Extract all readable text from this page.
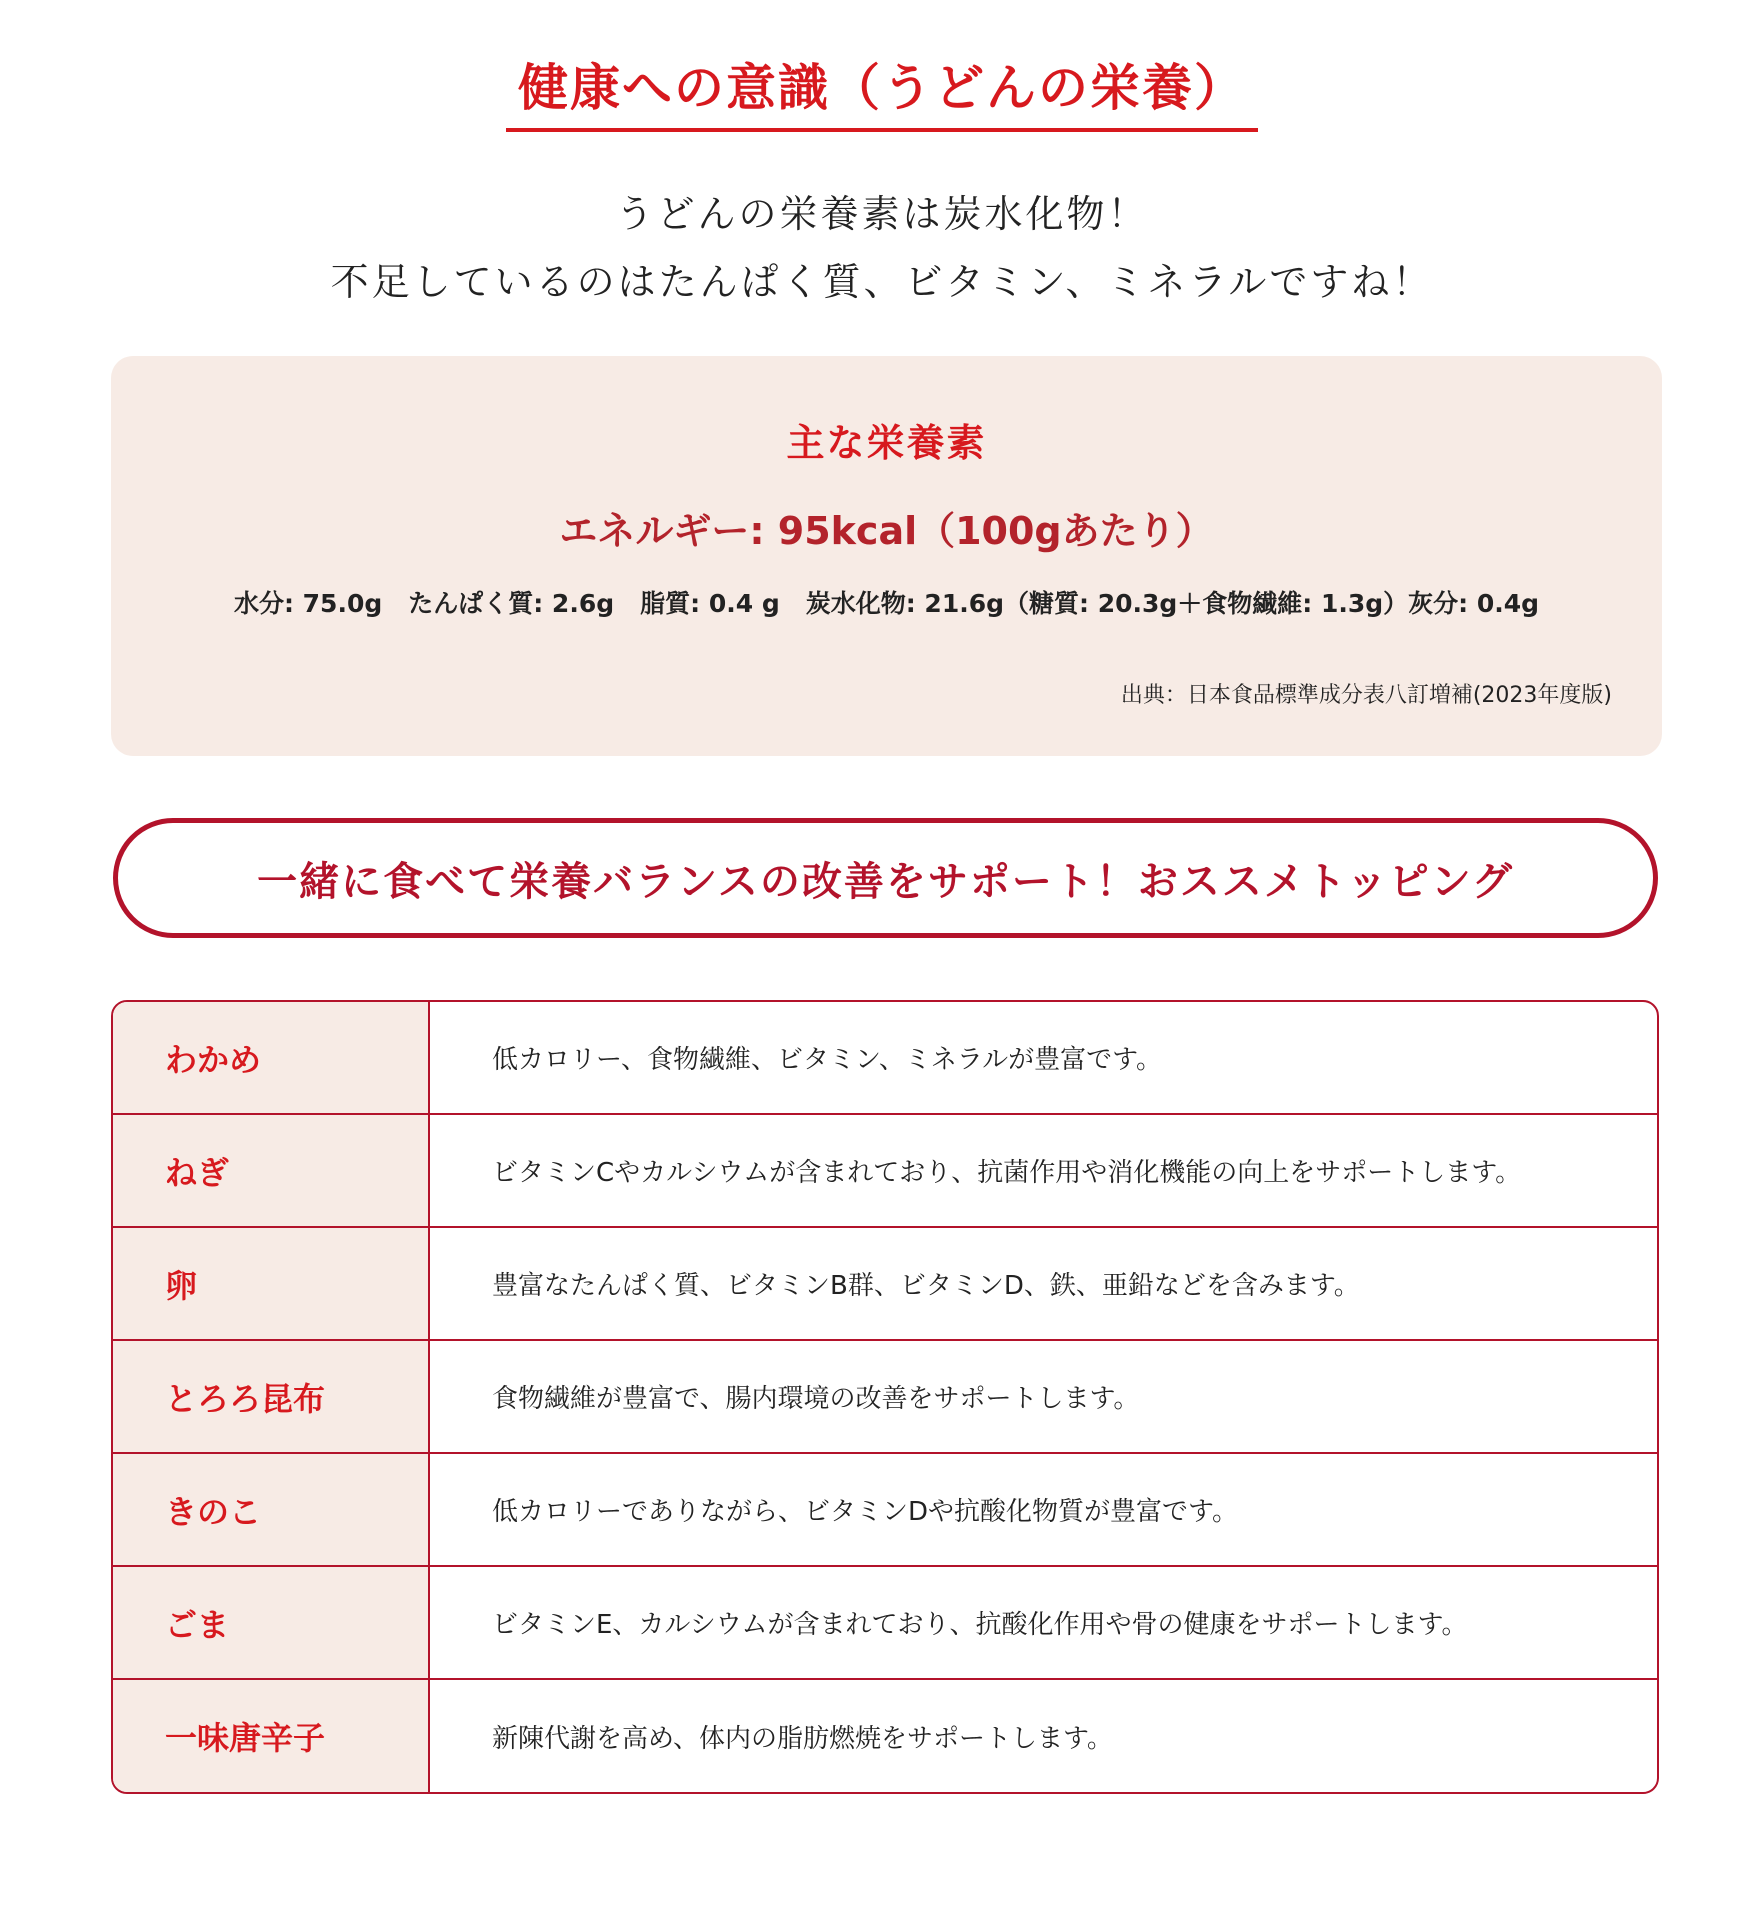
健康への意識（うどんの栄養）
うどんの栄養素は炭水化物！
不足しているのはたんぱく質、ビタミン、ミネラルですね！
主な栄養素
エネルギー: 95kcal（100gあたり）
水分: 75.0g たんぱく質: 2.6g 脂質: 0.4 g 炭水化物: 21.6g（糖質: 20.3g＋食物繊維: 1.3g）灰分: 0.4g
出典：日本食品標準成分表八訂増補(2023年度版)
一緒に食べて栄養バランスの改善をサポート！おススメトッピング
わかめ	低カロリー、食物繊維、ビタミン、ミネラルが豊富です。
ねぎ	ビタミンCやカルシウムが含まれており、抗菌作用や消化機能の向上をサポートします。
卵	豊富なたんぱく質、ビタミンB群、ビタミンD、鉄、亜鉛などを含みます。
とろろ昆布	食物繊維が豊富で、腸内環境の改善をサポートします。
きのこ	低カロリーでありながら、ビタミンDや抗酸化物質が豊富です。
ごま	ビタミンE、カルシウムが含まれており、抗酸化作用や骨の健康をサポートします。
一味唐辛子	新陳代謝を高め、体内の脂肪燃焼をサポートします。
